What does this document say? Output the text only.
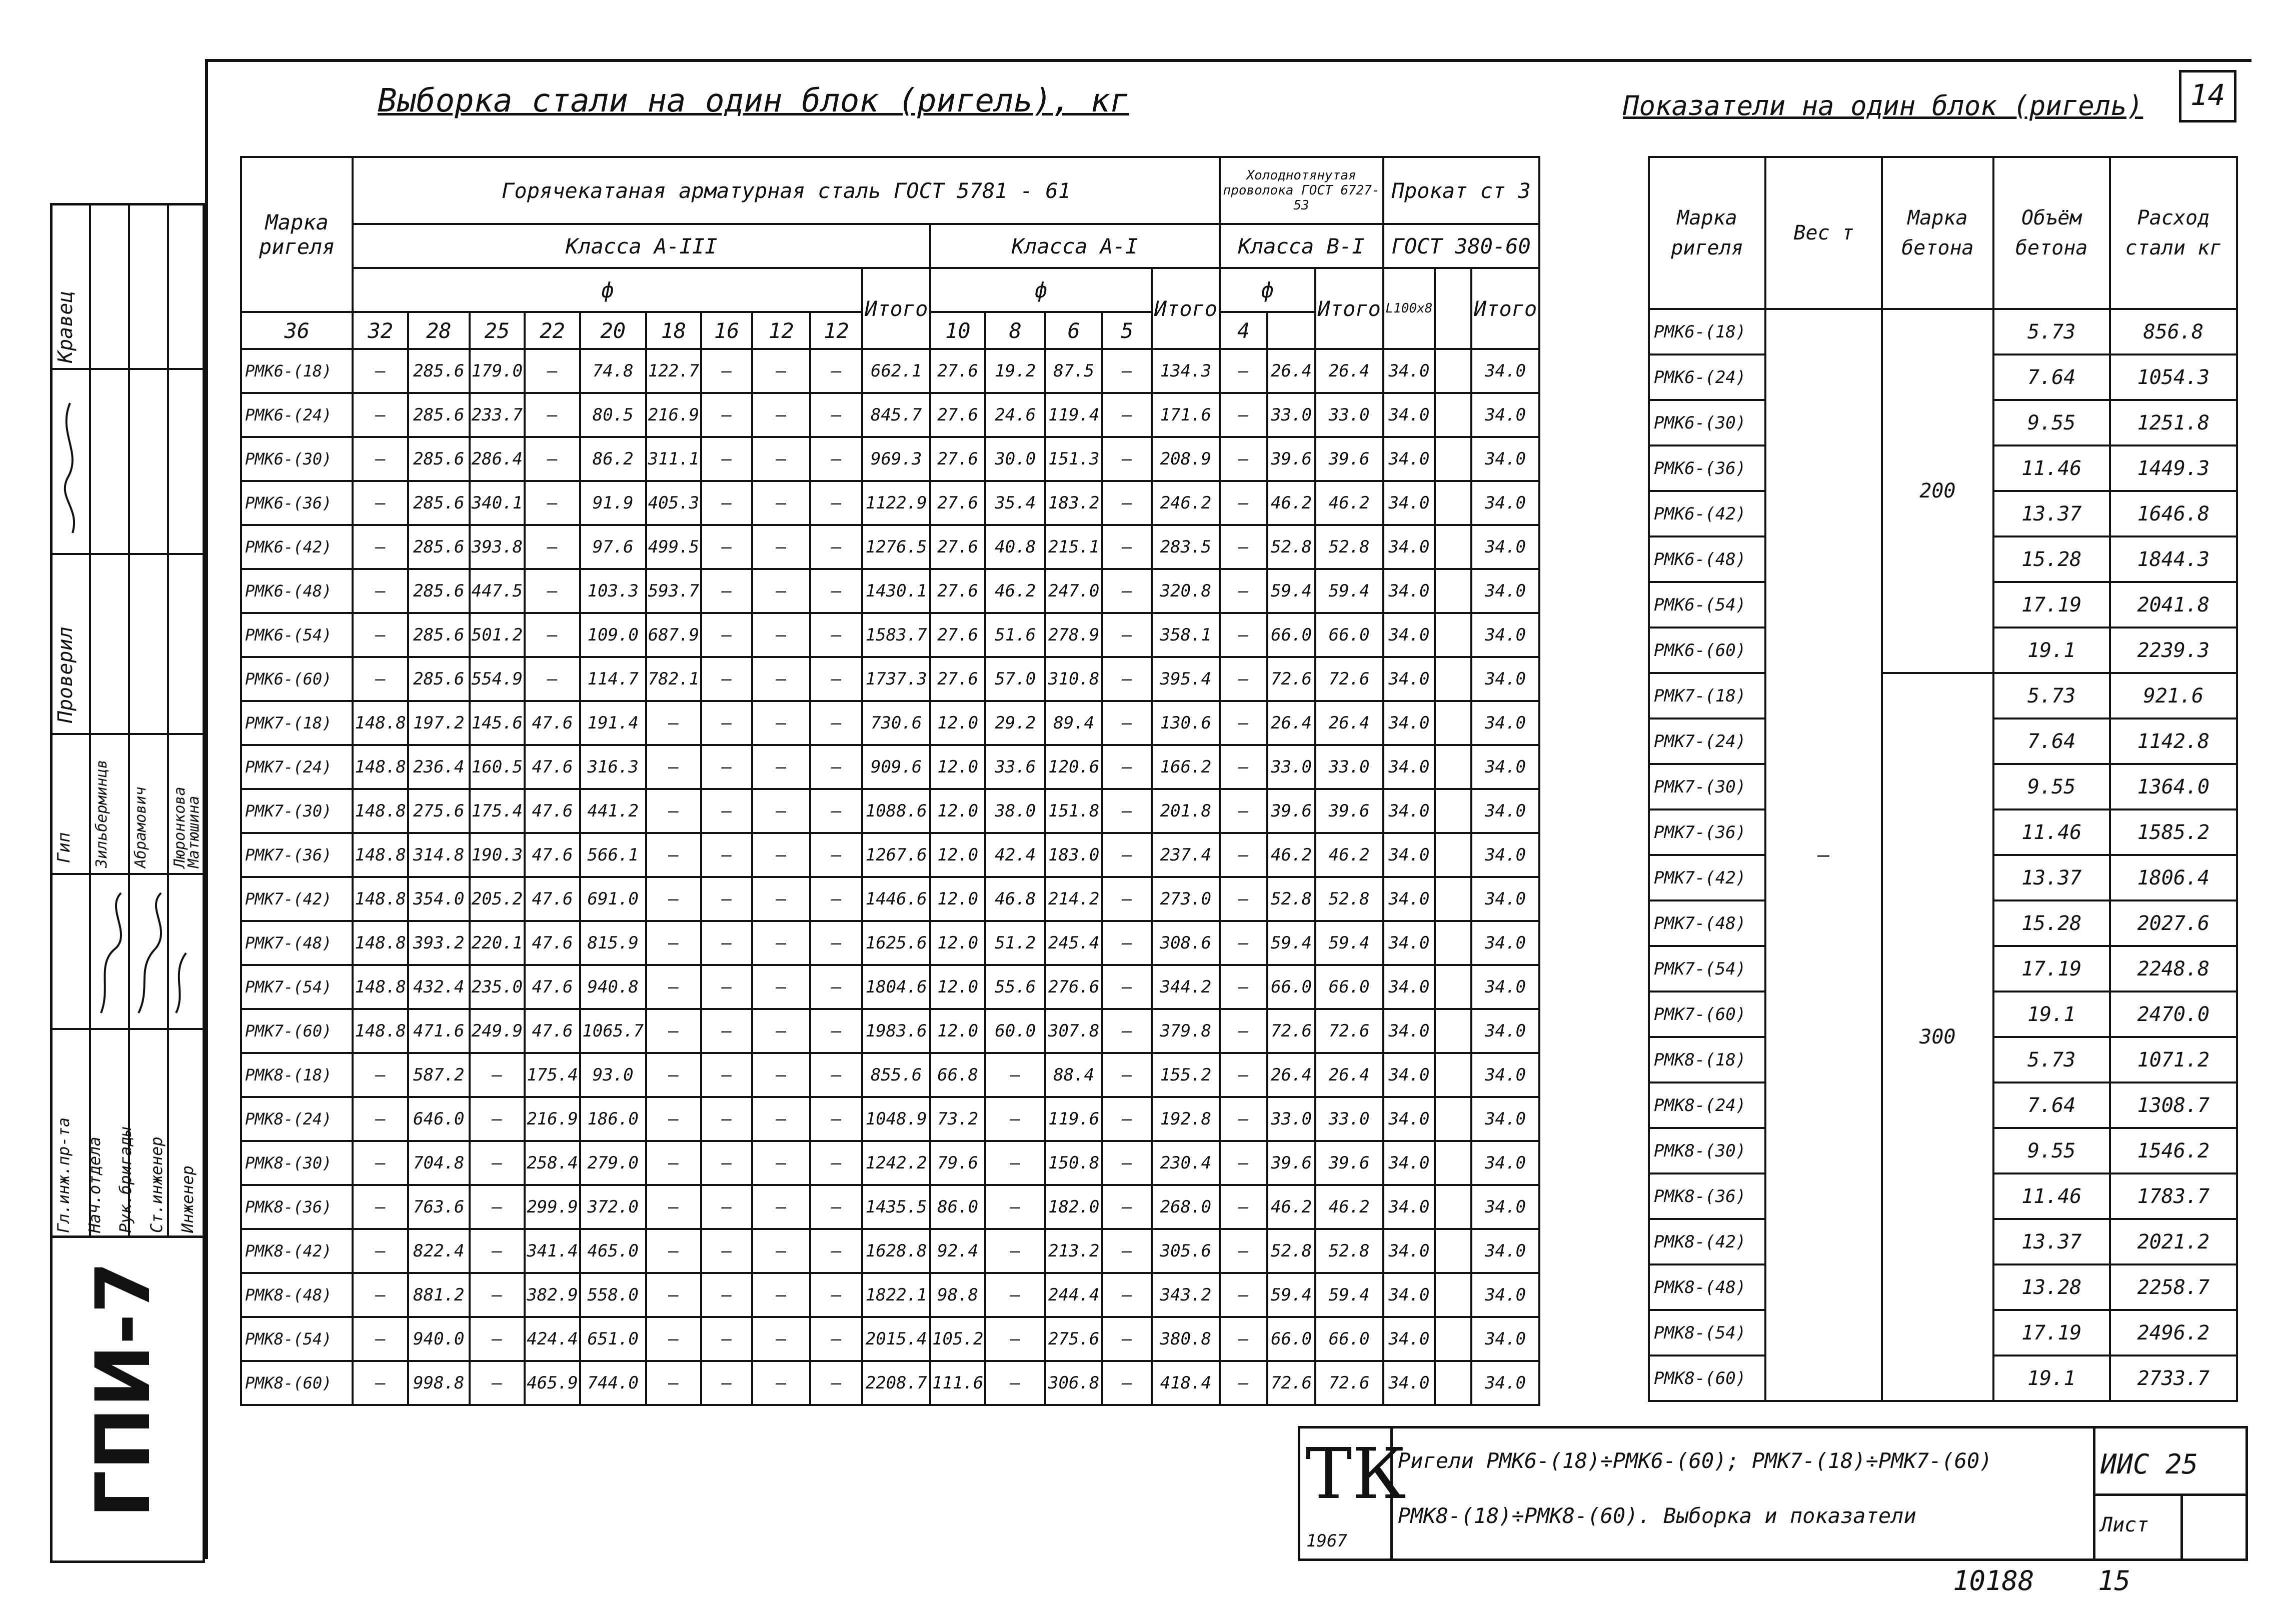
14
Кравец
Проверил
Гип Зильберминцв Абрамович Люронкова
Матюшина
Гл.инж.пр-та Нач.отдела Рук.бригады Ст.инженер Инженер
ГПИ-7
Выборка стали на один блок (ригель), кг	Показатели на один блок (ригель)
Марка ригеля	Горячекатаная арматурная сталь ГОСТ 5781 - 61															Холоднотянутая проволока ГОСТ 6727-53			Прокат ст 3		

	Класса А-III										Класса А-I					Класса В-I			ГОСТ 380-60		
	ф									Итого	ф				Итого	ф		Итого	L100x8		Итого
36	32	28	25	22	20	18	16	12	12		10	8	6	5		4					
РМК6-(18)	—	285.6	179.0	—	74.8	122.7	—	—	—	662.1	27.6	19.2	87.5	—	134.3	—	26.4	26.4	34.0		34.0
РМК6-(24)	—	285.6	233.7	—	80.5	216.9	—	—	—	845.7	27.6	24.6	119.4	—	171.6	—	33.0	33.0	34.0		34.0
РМК6-(30)	—	285.6	286.4	—	86.2	311.1	—	—	—	969.3	27.6	30.0	151.3	—	208.9	—	39.6	39.6	34.0		34.0
РМК6-(36)	—	285.6	340.1	—	91.9	405.3	—	—	—	1122.9	27.6	35.4	183.2	—	246.2	—	46.2	46.2	34.0		34.0
РМК6-(42)	—	285.6	393.8	—	97.6	499.5	—	—	—	1276.5	27.6	40.8	215.1	—	283.5	—	52.8	52.8	34.0		34.0
РМК6-(48)	—	285.6	447.5	—	103.3	593.7	—	—	—	1430.1	27.6	46.2	247.0	—	320.8	—	59.4	59.4	34.0		34.0
РМК6-(54)	—	285.6	501.2	—	109.0	687.9	—	—	—	1583.7	27.6	51.6	278.9	—	358.1	—	66.0	66.0	34.0		34.0
РМК6-(60)	—	285.6	554.9	—	114.7	782.1	—	—	—	1737.3	27.6	57.0	310.8	—	395.4	—	72.6	72.6	34.0		34.0
РМК7-(18)	148.8	197.2	145.6	47.6	191.4	—	—	—	—	730.6	12.0	29.2	89.4	—	130.6	—	26.4	26.4	34.0		34.0
РМК7-(24)	148.8	236.4	160.5	47.6	316.3	—	—	—	—	909.6	12.0	33.6	120.6	—	166.2	—	33.0	33.0	34.0		34.0
РМК7-(30)	148.8	275.6	175.4	47.6	441.2	—	—	—	—	1088.6	12.0	38.0	151.8	—	201.8	—	39.6	39.6	34.0		34.0
РМК7-(36)	148.8	314.8	190.3	47.6	566.1	—	—	—	—	1267.6	12.0	42.4	183.0	—	237.4	—	46.2	46.2	34.0		34.0
РМК7-(42)	148.8	354.0	205.2	47.6	691.0	—	—	—	—	1446.6	12.0	46.8	214.2	—	273.0	—	52.8	52.8	34.0		34.0
РМК7-(48)	148.8	393.2	220.1	47.6	815.9	—	—	—	—	1625.6	12.0	51.2	245.4	—	308.6	—	59.4	59.4	34.0		34.0
РМК7-(54)	148.8	432.4	235.0	47.6	940.8	—	—	—	—	1804.6	12.0	55.6	276.6	—	344.2	—	66.0	66.0	34.0		34.0
РМК7-(60)	148.8	471.6	249.9	47.6	1065.7	—	—	—	—	1983.6	12.0	60.0	307.8	—	379.8	—	72.6	72.6	34.0		34.0
РМК8-(18)	—	587.2	—	175.4	93.0	—	—	—	—	855.6	66.8	—	88.4	—	155.2	—	26.4	26.4	34.0		34.0
РМК8-(24)	—	646.0	—	216.9	186.0	—	—	—	—	1048.9	73.2	—	119.6	—	192.8	—	33.0	33.0	34.0		34.0
РМК8-(30)	—	704.8	—	258.4	279.0	—	—	—	—	1242.2	79.6	—	150.8	—	230.4	—	39.6	39.6	34.0		34.0
РМК8-(36)	—	763.6	—	299.9	372.0	—	—	—	—	1435.5	86.0	—	182.0	—	268.0	—	46.2	46.2	34.0		34.0
РМК8-(42)	—	822.4	—	341.4	465.0	—	—	—	—	1628.8	92.4	—	213.2	—	305.6	—	52.8	52.8	34.0		34.0
РМК8-(48)	—	881.2	—	382.9	558.0	—	—	—	—	1822.1	98.8	—	244.4	—	343.2	—	59.4	59.4	34.0		34.0
РМК8-(54)	—	940.0	—	424.4	651.0	—	—	—	—	2015.4	105.2	—	275.6	—	380.8	—	66.0	66.0	34.0		34.0
РМК8-(60)	—	998.8	—	465.9	744.0	—	—	—	—	2208.7	111.6	—	306.8	—	418.4	—	72.6	72.6	34.0		34.0
Марка ригеля	Вес т	Марка бетона	Объём бетона	Расход стали кг
РМК6-(18)	—	200	5.73	856.8
РМК6-(24)			7.64	1054.3
РМК6-(30)			9.55	1251.8
РМК6-(36)			11.46	1449.3
РМК6-(42)			13.37	1646.8
РМК6-(48)			15.28	1844.3
РМК6-(54)			17.19	2041.8
РМК6-(60)			19.1	2239.3
РМК7-(18)		300	5.73	921.6
РМК7-(24)			7.64	1142.8
РМК7-(30)			9.55	1364.0
РМК7-(36)			11.46	1585.2
РМК7-(42)			13.37	1806.4
РМК7-(48)			15.28	2027.6
РМК7-(54)			17.19	2248.8
РМК7-(60)			19.1	2470.0
РМК8-(18)			5.73	1071.2
РМК8-(24)			7.64	1308.7
РМК8-(30)			9.55	1546.2
РМК8-(36)			11.46	1783.7
РМК8-(42)			13.37	2021.2
РМК8-(48)			13.28	2258.7
РМК8-(54)			17.19	2496.2
РМК8-(60)			19.1	2733.7
ТК
1967
Ригели РМК6-(18)÷РМК6-(60); РМК7-(18)÷РМК7-(60)
РМК8-(18)÷РМК8-(60). Выборка и показатели
ИИС 25
Лист
10188 15
